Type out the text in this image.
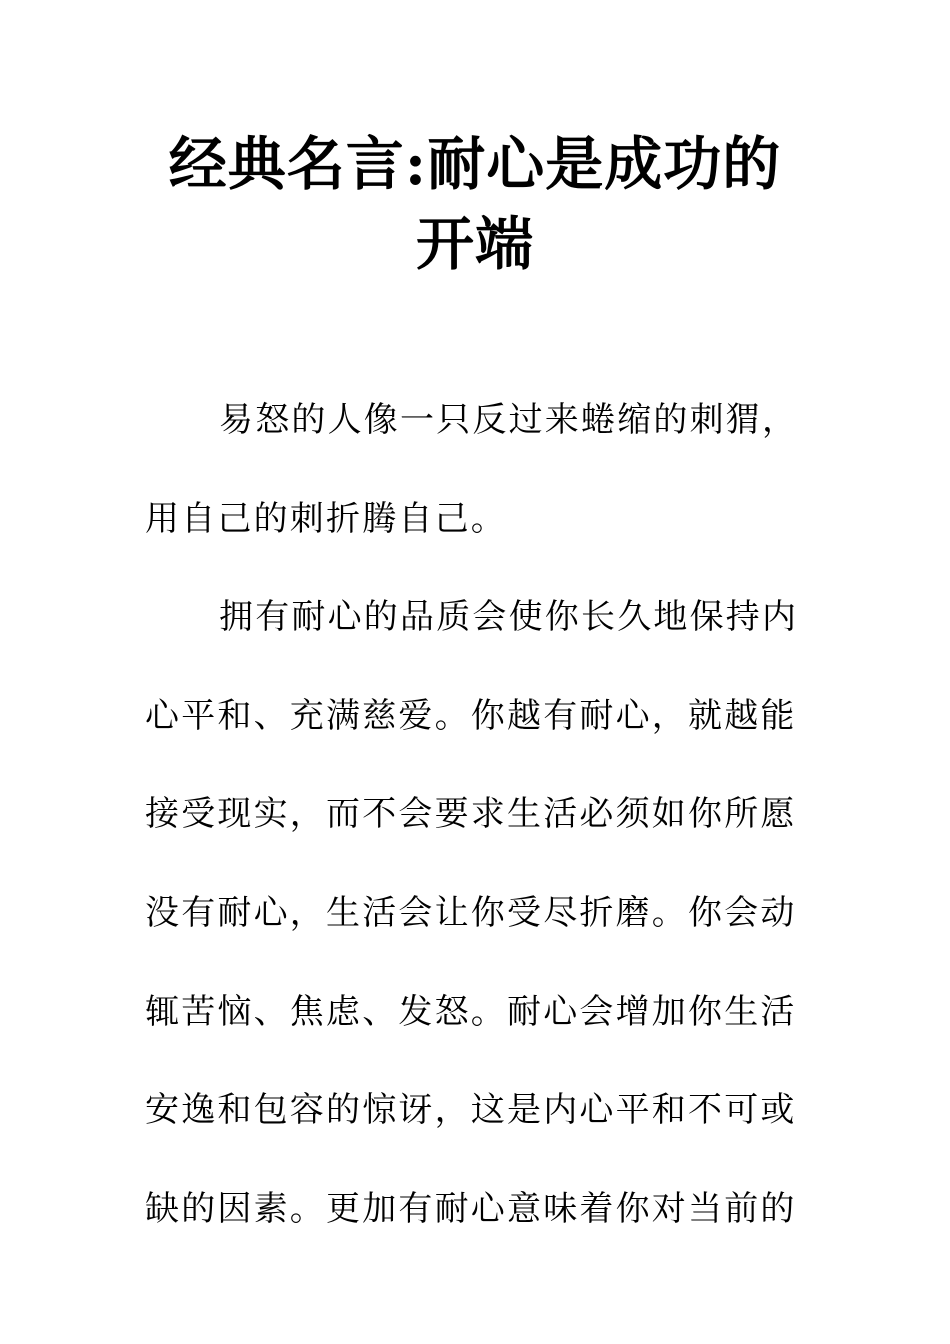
经典名言:耐心是成功的开端
易怒的人像一只反过来蜷缩的刺猬，
用自己的刺折腾自己。
拥有耐心的品质会使你长久地保持内
心平和、充满慈爱。你越有耐心，就越能
接受现实，而不会要求生活必须如你所愿
没有耐心，生活会让你受尽折磨。你会动
辄苦恼、焦虑、发怒。耐心会增加你生活
安逸和包容的惊讶，这是内心平和不可或
缺的因素。更加有耐心意味着你对当前的
